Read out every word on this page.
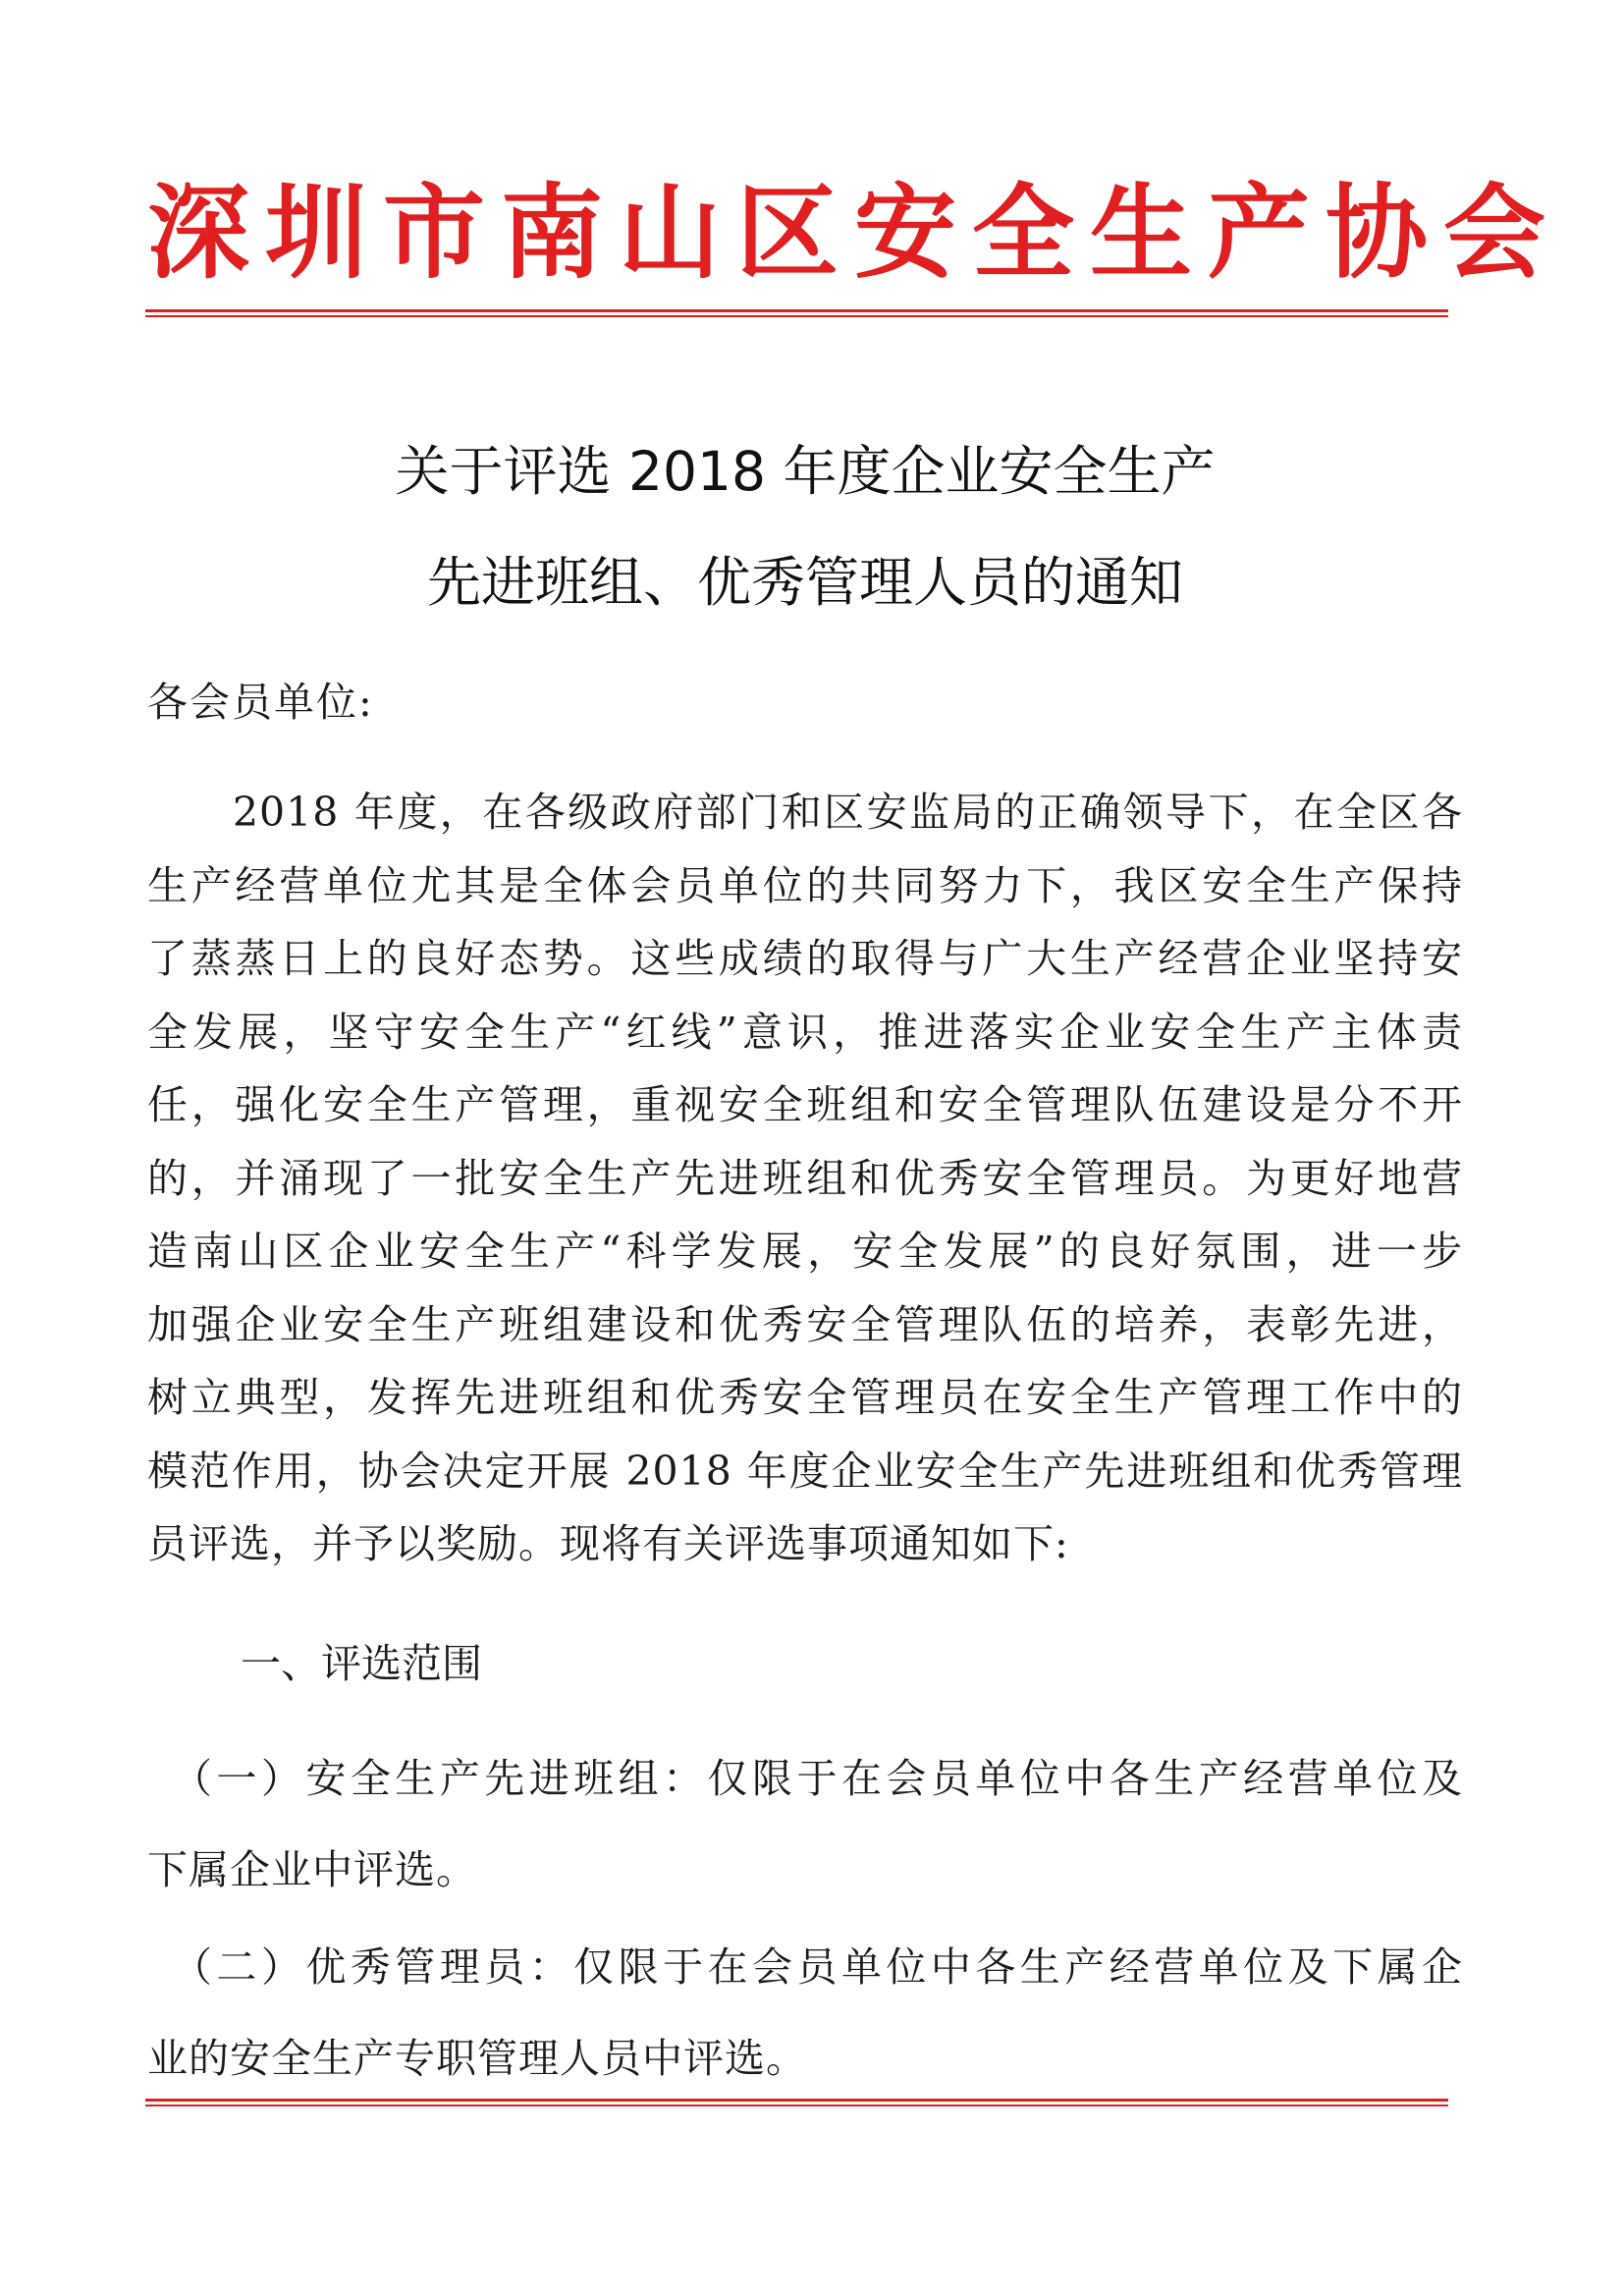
深圳市南山区安全生产协会
关于评选 2018 年度企业安全生产
先进班组、优秀管理人员的通知
各会员单位:
　　2018 年度，在各级政府部门和区安监局的正确领导下，在全区各
生产经营单位尤其是全体会员单位的共同努力下，我区安全生产保持
了蒸蒸日上的良好态势。这些成绩的取得与广大生产经营企业坚持安
全发展，坚守安全生产“红线”意识，推进落实企业安全生产主体责
任，强化安全生产管理，重视安全班组和安全管理队伍建设是分不开
的，并涌现了一批安全生产先进班组和优秀安全管理员。为更好地营
造南山区企业安全生产“科学发展，安全发展”的良好氛围，进一步
加强企业安全生产班组建设和优秀安全管理队伍的培养，表彰先进，
树立典型，发挥先进班组和优秀安全管理员在安全生产管理工作中的
模范作用，协会决定开展 2018 年度企业安全生产先进班组和优秀管理
员评选，并予以奖励。现将有关评选事项通知如下:
一、评选范围
　（一）安全生产先进班组：仅限于在会员单位中各生产经营单位及
下属企业中评选。
　（二）优秀管理员：仅限于在会员单位中各生产经营单位及下属企
业的安全生产专职管理人员中评选。
